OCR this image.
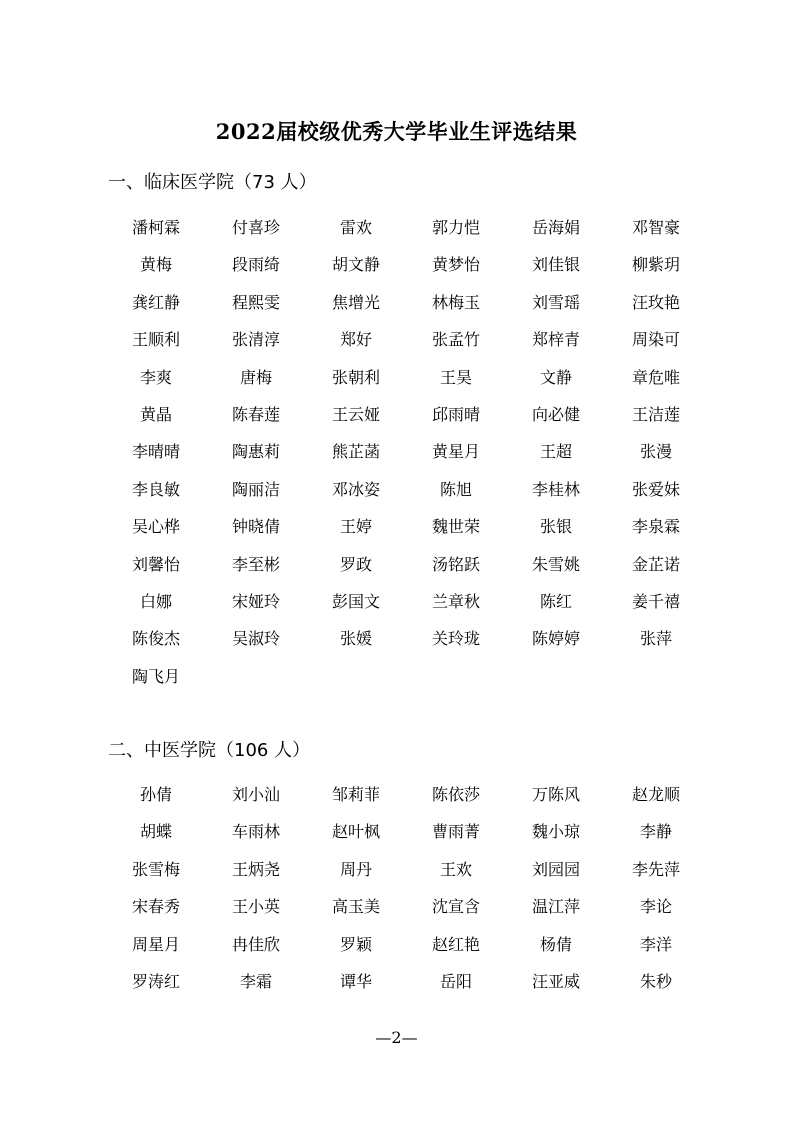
2022届校级优秀大学毕业生评选结果
一、临床医学院（73 人）
潘柯霖	付喜珍	雷欢	郭力恺	岳海娟	邓智豪
黄梅	段雨绮	胡文静	黄梦怡	刘佳银	柳紫玥
龚红静	程熙雯	焦增光	林梅玉	刘雪瑶	汪玫艳
王顺利	张清淳	郑好	张孟竹	郑梓青	周染可
李爽	唐梅	张朝利	王昊	文静	章危唯
黄晶	陈春莲	王云娅	邱雨晴	向必健	王洁莲
李晴晴	陶惠莉	熊芷菡	黄星月	王超	张漫
李良敏	陶丽洁	邓冰姿	陈旭	李桂林	张爱妹
吴心桦	钟晓倩	王婷	魏世荣	张银	李泉霖
刘馨怡	李至彬	罗政	汤铭跃	朱雪姚	金芷诺
白娜	宋娅玲	彭国文	兰章秋	陈红	姜千禧
陈俊杰	吴淑玲	张媛	关玲珑	陈婷婷	张萍
陶飞月
二、中医学院（106 人）
孙倩	刘小汕	邹莉菲	陈依莎	万陈风	赵龙顺
胡蝶	车雨林	赵叶枫	曹雨菁	魏小琼	李静
张雪梅	王炳尧	周丹	王欢	刘园园	李先萍
宋春秀	王小英	高玉美	沈宣含	温江萍	李论
周星月	冉佳欣	罗颖	赵红艳	杨倩	李洋
罗涛红	李霜	谭华	岳阳	汪亚威	朱秒
—2—
